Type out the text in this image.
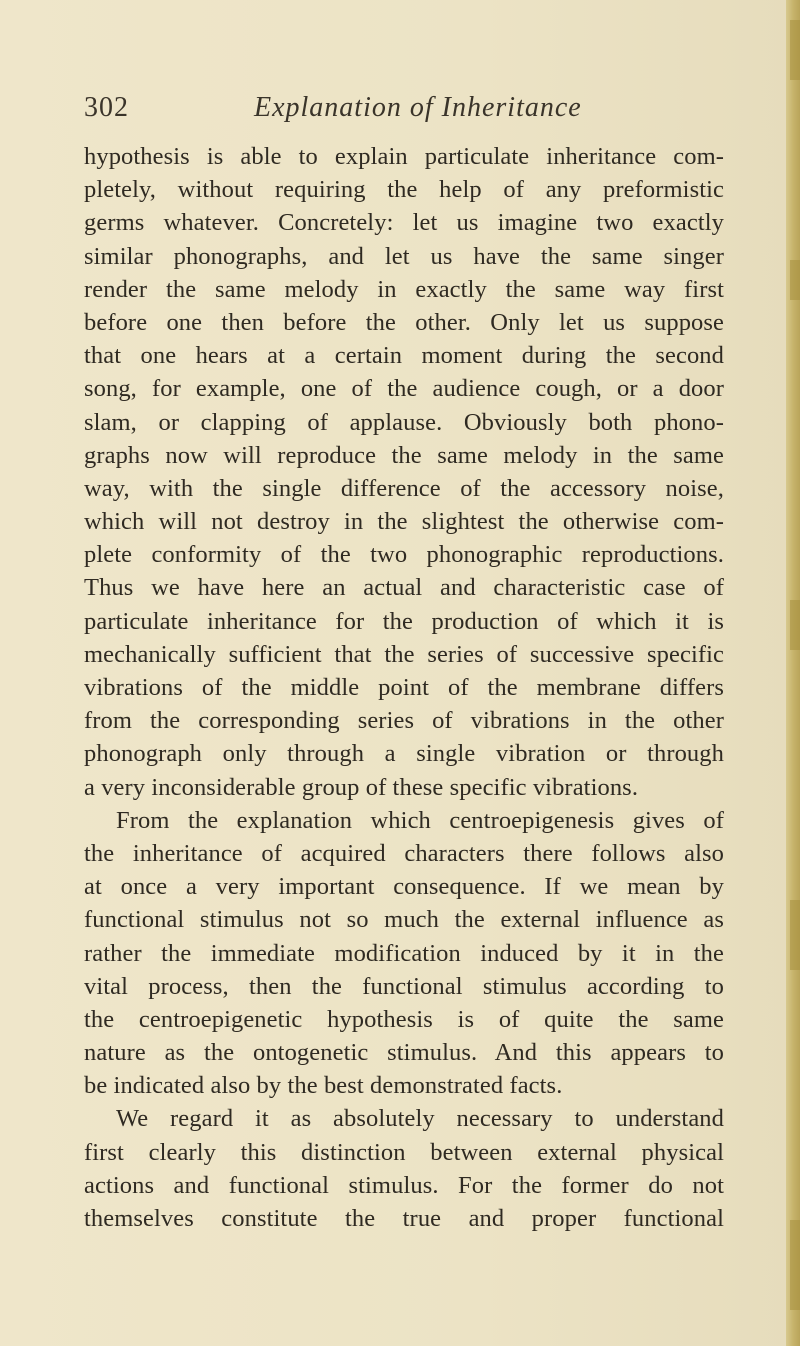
302	Explanation of Inheritance
hypothesis is able to explain particulate inheritance com-
pletely, without requiring the help of any preformistic
germs whatever. Concretely: let us imagine two exactly
similar phonographs, and let us have the same singer
render the same melody in exactly the same way first
before one then before the other. Only let us suppose
that one hears at a certain moment during the second
song, for example, one of the audience cough, or a door
slam, or clapping of applause. Obviously both phono-
graphs now will reproduce the same melody in the same
way, with the single difference of the accessory noise,
which will not destroy in the slightest the otherwise com-
plete conformity of the two phonographic reproductions.
Thus we have here an actual and characteristic case of
particulate inheritance for the production of which it is
mechanically sufficient that the series of successive specific
vibrations of the middle point of the membrane differs
from the corresponding series of vibrations in the other
phonograph only through a single vibration or through
a very inconsiderable group of these specific vibrations.
From the explanation which centroepigenesis gives of
the inheritance of acquired characters there follows also
at once a very important consequence. If we mean by
functional stimulus not so much the external influence as
rather the immediate modification induced by it in the
vital process, then the functional stimulus according to
the centroepigenetic hypothesis is of quite the same
nature as the ontogenetic stimulus. And this appears to
be indicated also by the best demonstrated facts.
We regard it as absolutely necessary to understand
first clearly this distinction between external physical
actions and functional stimulus. For the former do not
themselves constitute the true and proper functional
